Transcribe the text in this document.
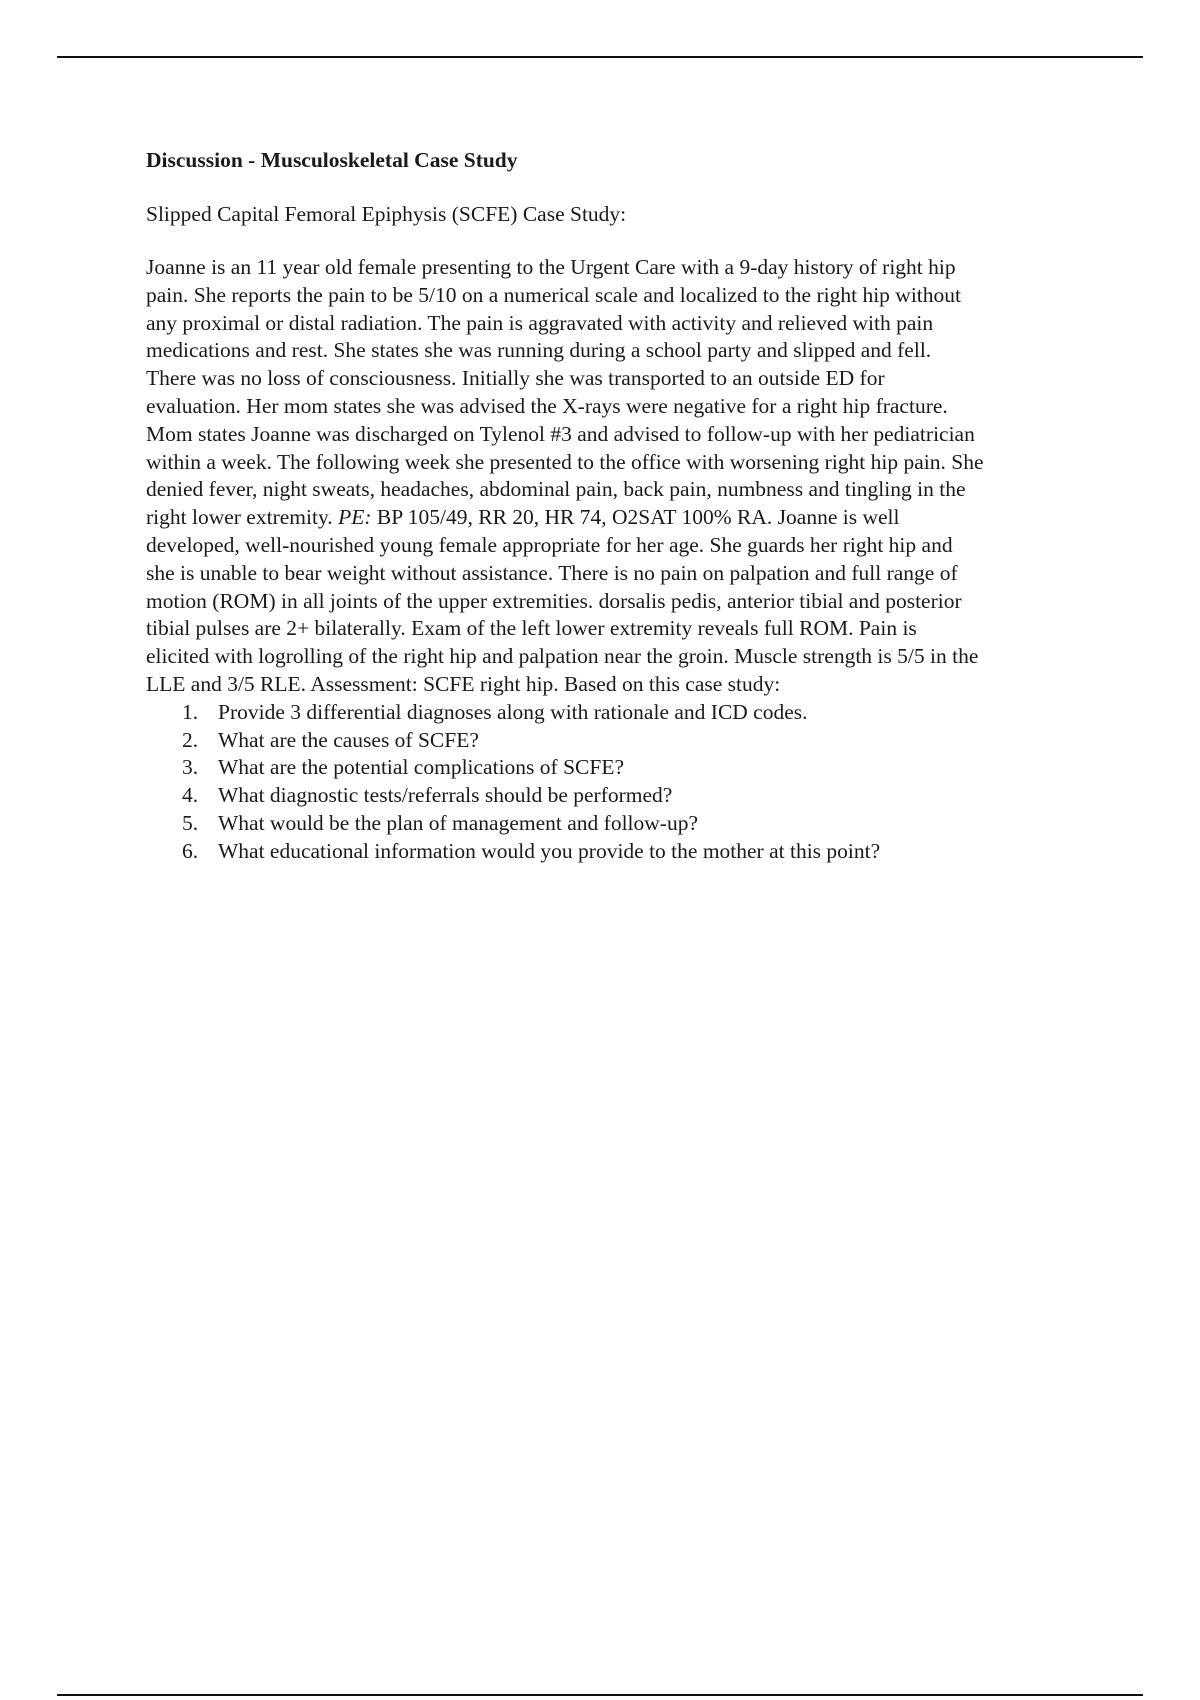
Discussion - Musculoskeletal Case Study

Slipped Capital Femoral Epiphysis (SCFE) Case Study:

Joanne is an 11 year old female presenting to the Urgent Care with a 9-day history of right hip
pain. She reports the pain to be 5/10 on a numerical scale and localized to the right hip without
any proximal or distal radiation. The pain is aggravated with activity and relieved with pain
medications and rest. She states she was running during a school party and slipped and fell.
There was no loss of consciousness. Initially she was transported to an outside ED for
evaluation. Her mom states she was advised the X-rays were negative for a right hip fracture.
Mom states Joanne was discharged on Tylenol #3 and advised to follow-up with her pediatrician
within a week. The following week she presented to the office with worsening right hip pain. She
denied fever, night sweats, headaches, abdominal pain, back pain, numbness and tingling in the
right lower extremity. PE: BP 105/49, RR 20, HR 74, O2SAT 100% RA. Joanne is well
developed, well-nourished young female appropriate for her age. She guards her right hip and
she is unable to bear weight without assistance. There is no pain on palpation and full range of
motion (ROM) in all joints of the upper extremities. dorsalis pedis, anterior tibial and posterior
tibial pulses are 2+ bilaterally. Exam of the left lower extremity reveals full ROM. Pain is
elicited with logrolling of the right hip and palpation near the groin. Muscle strength is 5/5 in the
LLE and 3/5 RLE. Assessment: SCFE right hip. Based on this case study:
1. Provide 3 differential diagnoses along with rationale and ICD codes.
2. What are the causes of SCFE?
3. What are the potential complications of SCFE?
4. What diagnostic tests/referrals should be performed?
5. What would be the plan of management and follow-up?
6. What educational information would you provide to the mother at this point?
